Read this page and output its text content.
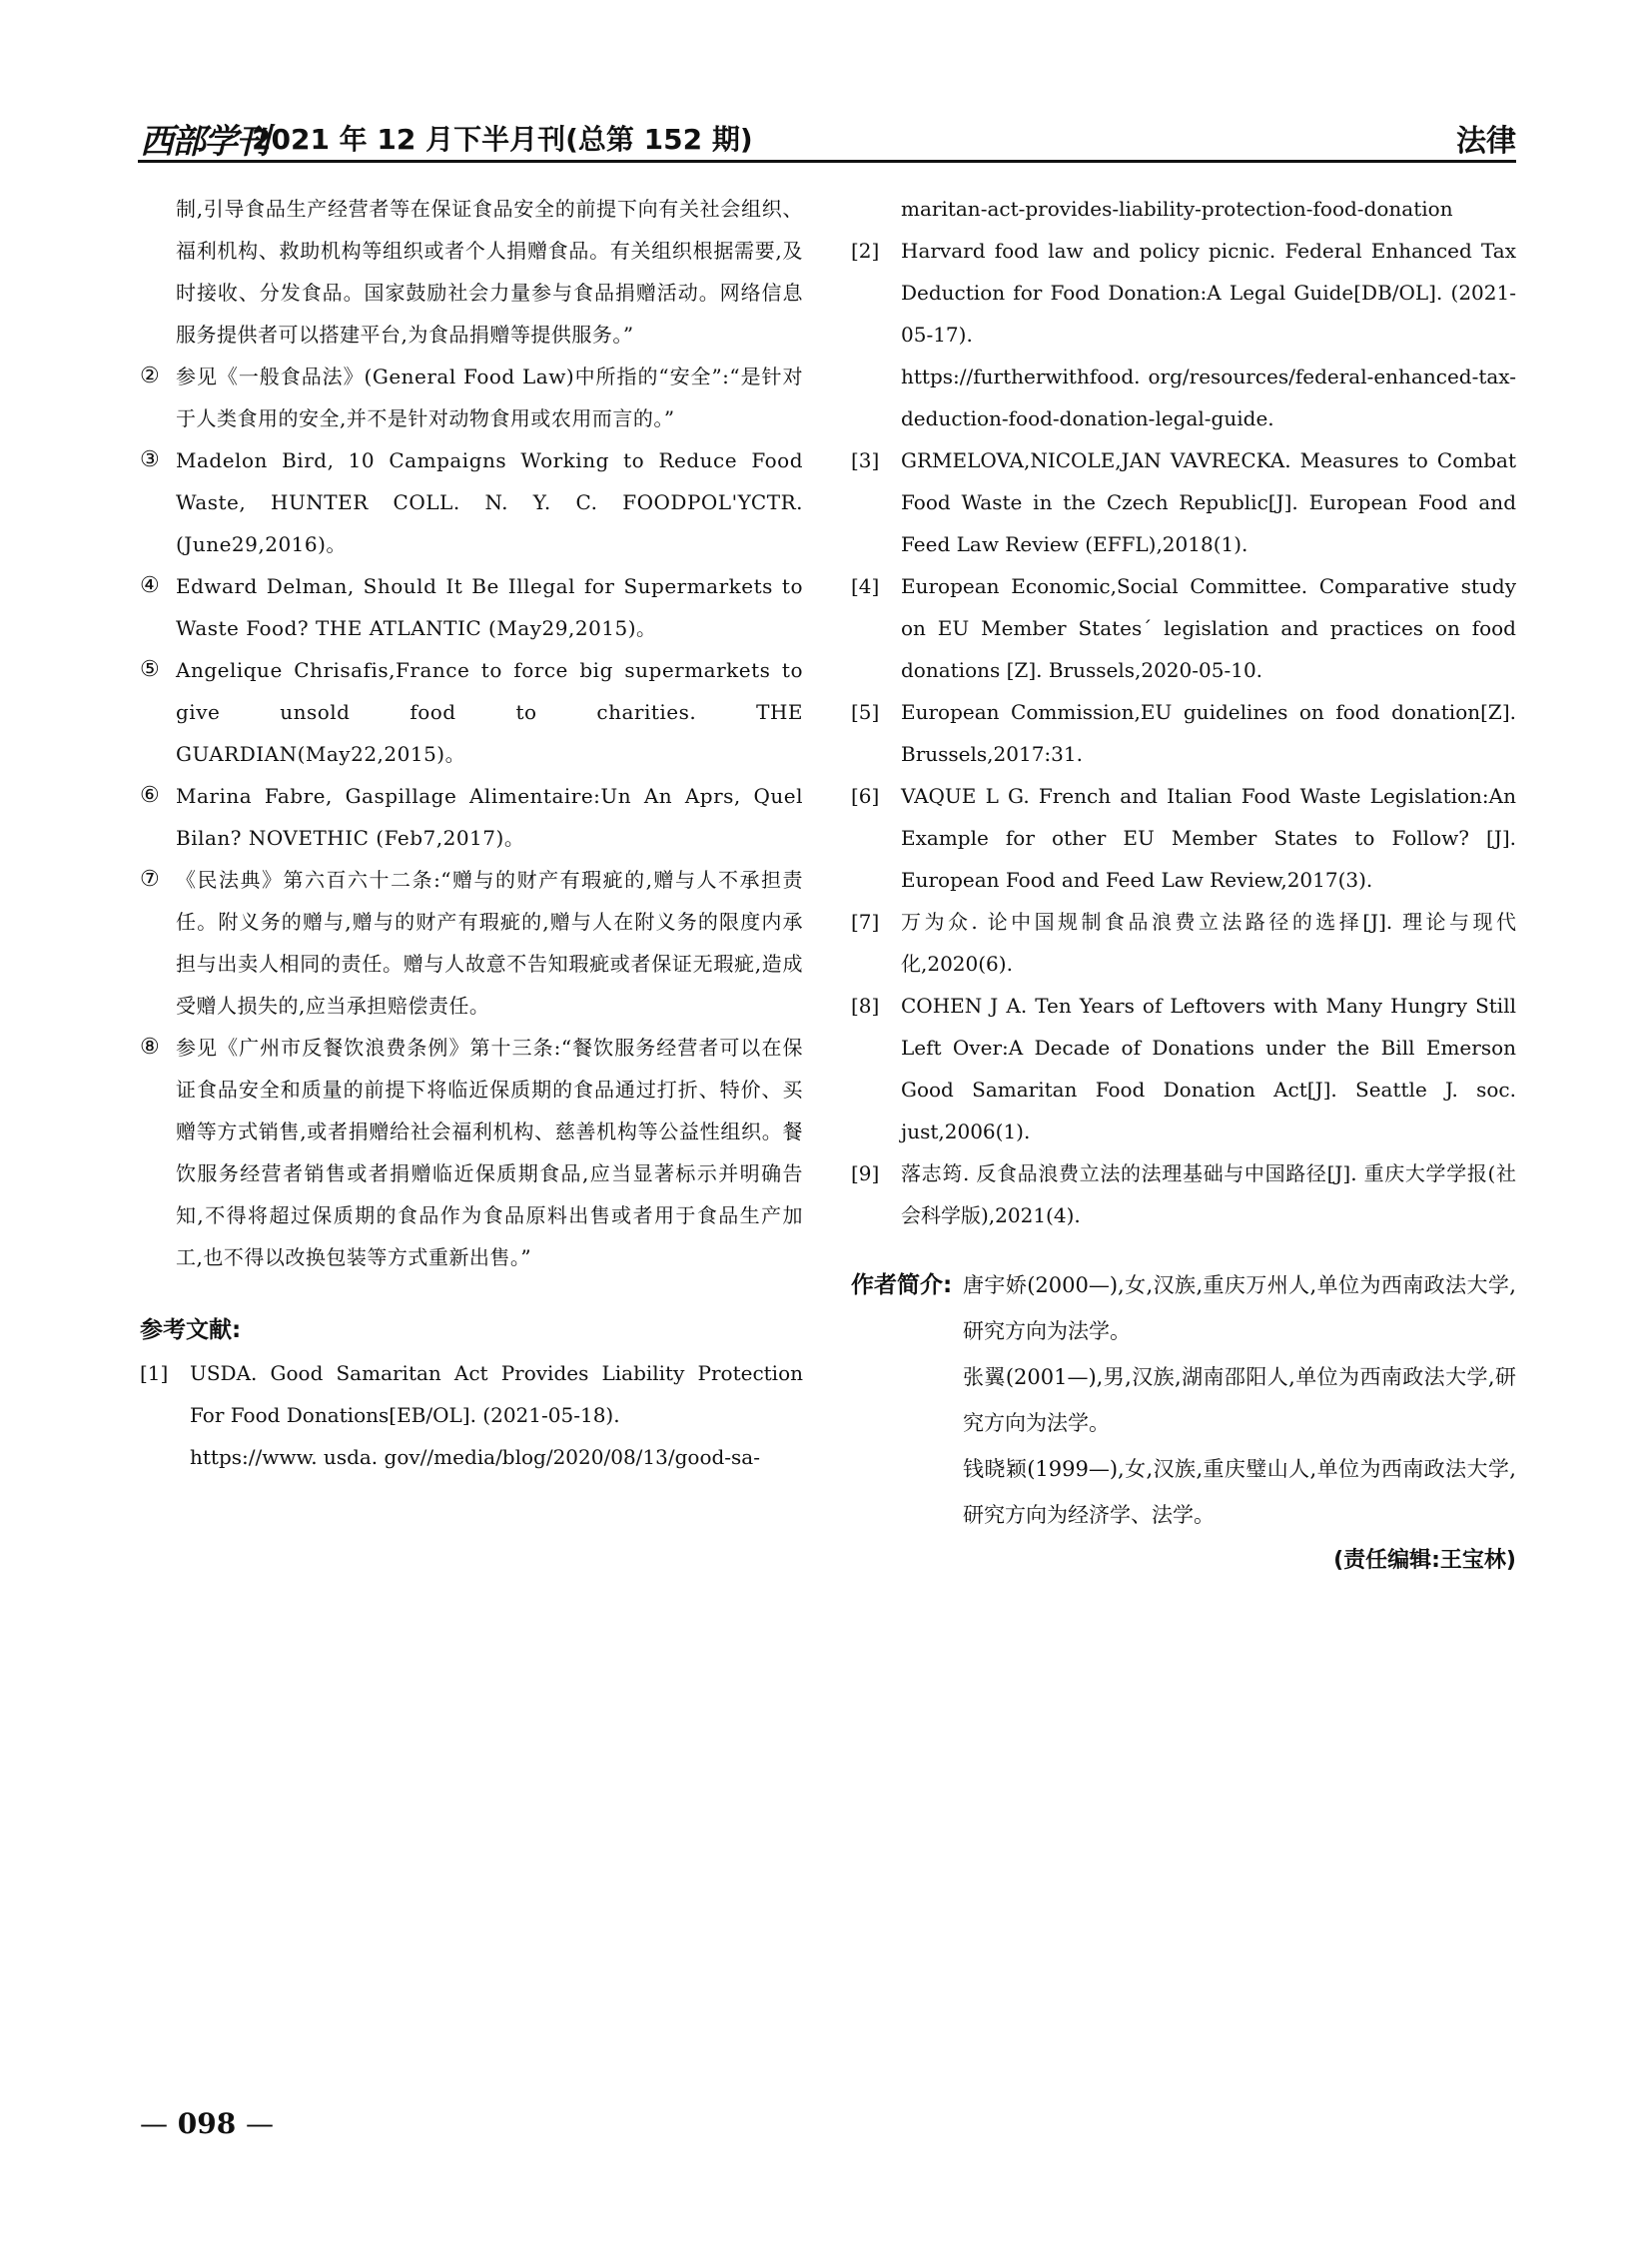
西部学刊
2021 年 12 月下半月刊(总第 152 期)	法律
制,引导食品生产经营者等在保证食品安全的前提下向有关社会组织、福利机构、救助机构等组织或者个人捐赠食品。有关组织根据需要,及时接收、分发食品。国家鼓励社会力量参与食品捐赠活动。网络信息服务提供者可以搭建平台,为食品捐赠等提供服务。”
② 参见《一般食品法》(General Food Law)中所指的“安全”:“是针对于人类食用的安全,并不是针对动物食用或农用而言的。”
③ Madelon Bird, 10 Campaigns Working to Reduce Food Waste, HUNTER COLL. N. Y. C. FOODPOL'YCTR. (June29,2016)。
④ Edward Delman, Should It Be Illegal for Supermarkets to Waste Food? THE ATLANTIC (May29,2015)。
⑤ Angelique Chrisafis,France to force big supermarkets to give unsold food to charities. THE GUARDIAN(May22,2015)。
⑥ Marina Fabre, Gaspillage Alimentaire:Un An Aprs, Quel Bilan? NOVETHIC (Feb7,2017)。
⑦ 《民法典》第六百六十二条:“赠与的财产有瑕疵的,赠与人不承担责任。附义务的赠与,赠与的财产有瑕疵的,赠与人在附义务的限度内承担与出卖人相同的责任。赠与人故意不告知瑕疵或者保证无瑕疵,造成受赠人损失的,应当承担赔偿责任。
⑧ 参见《广州市反餐饮浪费条例》第十三条:“餐饮服务经营者可以在保证食品安全和质量的前提下将临近保质期的食品通过打折、特价、买赠等方式销售,或者捐赠给社会福利机构、慈善机构等公益性组织。餐饮服务经营者销售或者捐赠临近保质期食品,应当显著标示并明确告知,不得将超过保质期的食品作为食品原料出售或者用于食品生产加工,也不得以改换包装等方式重新出售。”
参考文献:
[1]	USDA. Good Samaritan Act Provides Liability Protection For Food Donations[EB/OL]. (2021-05-18).
https://www. usda. gov//media/blog/2020/08/13/good-sa-
maritan-act-provides-liability-protection-food-donation
[2]	Harvard food law and policy picnic. Federal Enhanced Tax Deduction for Food Donation:A Legal Guide[DB/OL]. (2021-05-17).
https://furtherwithfood. org/resources/federal-enhanced-tax-deduction-food-donation-legal-guide.
[3]	GRMELOVA,NICOLE,JAN VAVRECKA. Measures to Combat Food Waste in the Czech Republic[J]. European Food and Feed Law Review (EFFL),2018(1).
[4]	European Economic,Social Committee. Comparative study on EU Member States´ legislation and practices on food donations [Z]. Brussels,2020-05-10.
[5]	European Commission,EU guidelines on food donation[Z]. Brussels,2017:31.
[6]	VAQUE L G. French and Italian Food Waste Legislation:An Example for other EU Member States to Follow? [J]. European Food and Feed Law Review,2017(3).
[7]	万为众. 论中国规制食品浪费立法路径的选择[J]. 理论与现代化,2020(6).
[8]	COHEN J A. Ten Years of Leftovers with Many Hungry Still Left Over:A Decade of Donations under the Bill Emerson Good Samaritan Food Donation Act[J]. Seattle J. soc. just,2006(1).
[9]	落志筠. 反食品浪费立法的法理基础与中国路径[J]. 重庆大学学报(社会科学版),2021(4).
作者简介: 唐宇娇(2000—),女,汉族,重庆万州人,单位为西南政法大学,研究方向为法学。
张翼(2001—),男,汉族,湖南邵阳人,单位为西南政法大学,研究方向为法学。
钱晓颖(1999—),女,汉族,重庆璧山人,单位为西南政法大学,研究方向为经济学、法学。
(责任编辑:王宝林)
— 098 —
